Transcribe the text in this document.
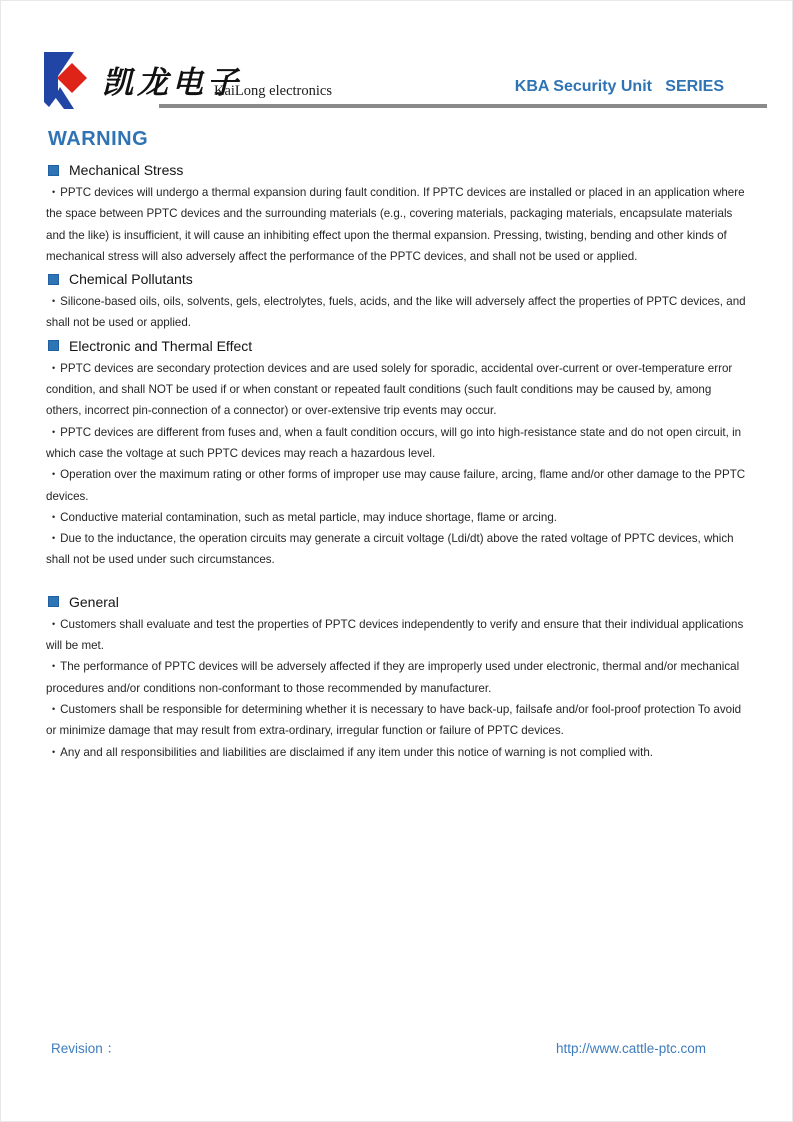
凯龙电子
KaiLong electronics	KBA Security Unit   SERIES
WARNING
Mechanical Stress

• PPTC devices will undergo a thermal expansion during fault condition. If PPTC devices are installed or placed in an application where the space between PPTC devices and the surrounding materials (e.g., covering materials, packaging materials, encapsulate materials and the like) is insufficient, it will cause an inhibiting effect upon the thermal expansion. Pressing, twisting, bending and other kinds of mechanical stress will also adversely affect the performance of the PPTC devices, and shall not be used or applied.

Chemical Pollutants

• Silicone-based oils, oils, solvents, gels, electrolytes, fuels, acids, and the like will adversely affect the properties of PPTC devices, and shall not be used or applied.

Electronic and Thermal Effect

• PPTC devices are secondary protection devices and are used solely for sporadic, accidental over-current or over-temperature error condition, and shall NOT be used if or when constant or repeated fault conditions (such fault conditions may be caused by, among others, incorrect pin-connection of a connector) or over-extensive trip events may occur.

• PPTC devices are different from fuses and, when a fault condition occurs, will go into high-resistance state and do not open circuit, in which case the voltage at such PPTC devices may reach a hazardous level.

• Operation over the maximum rating or other forms of improper use may cause failure, arcing, flame and/or other damage to the PPTC devices.

• Conductive material contamination, such as metal particle, may induce shortage, flame or arcing.

• Due to the inductance, the operation circuits may generate a circuit voltage (Ldi/dt) above the rated voltage of PPTC devices, which shall not be used under such circumstances.

General

• Customers shall evaluate and test the properties of PPTC devices independently to verify and ensure that their individual applications will be met.

• The performance of PPTC devices will be adversely affected if they are improperly used under electronic, thermal and/or mechanical procedures and/or conditions non-conformant to those recommended by manufacturer.

• Customers shall be responsible for determining whether it is necessary to have back-up, failsafe and/or fool-proof protection To avoid or minimize damage that may result from extra-ordinary, irregular function or failure of PPTC devices.

• Any and all responsibilities and liabilities are disclaimed if any item under this notice of warning is not complied with.

Revision ：	http://www.cattle-ptc.com
